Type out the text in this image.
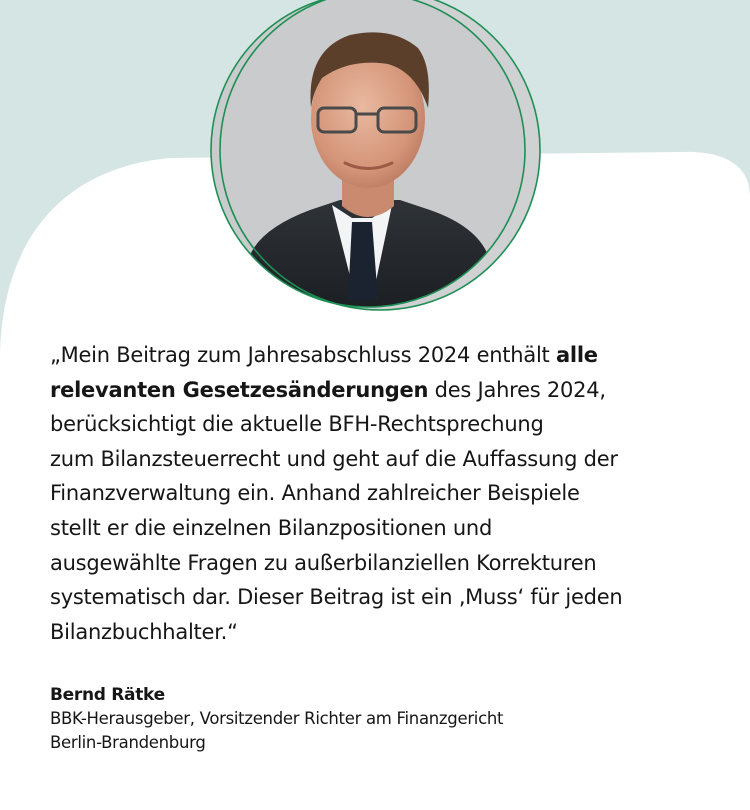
„Mein Beitrag zum Jahresabschluss 2024 enthält alle
relevanten Gesetzesänderungen des Jahres 2024,
berücksichtigt die aktuelle BFH-Rechtsprechung
zum Bilanzsteuerrecht und geht auf die Auffassung der
Finanzverwaltung ein. Anhand zahlreicher Beispiele
stellt er die einzelnen Bilanzpositionen und
ausgewählte Fragen zu außerbilanziellen Korrekturen
systematisch dar. Dieser Beitrag ist ein ‚Muss‘ für jeden
Bilanzbuchhalter.“

Bernd Rätke
BBK-Herausgeber, Vorsitzender Richter am Finanzgericht
Berlin-Brandenburg
